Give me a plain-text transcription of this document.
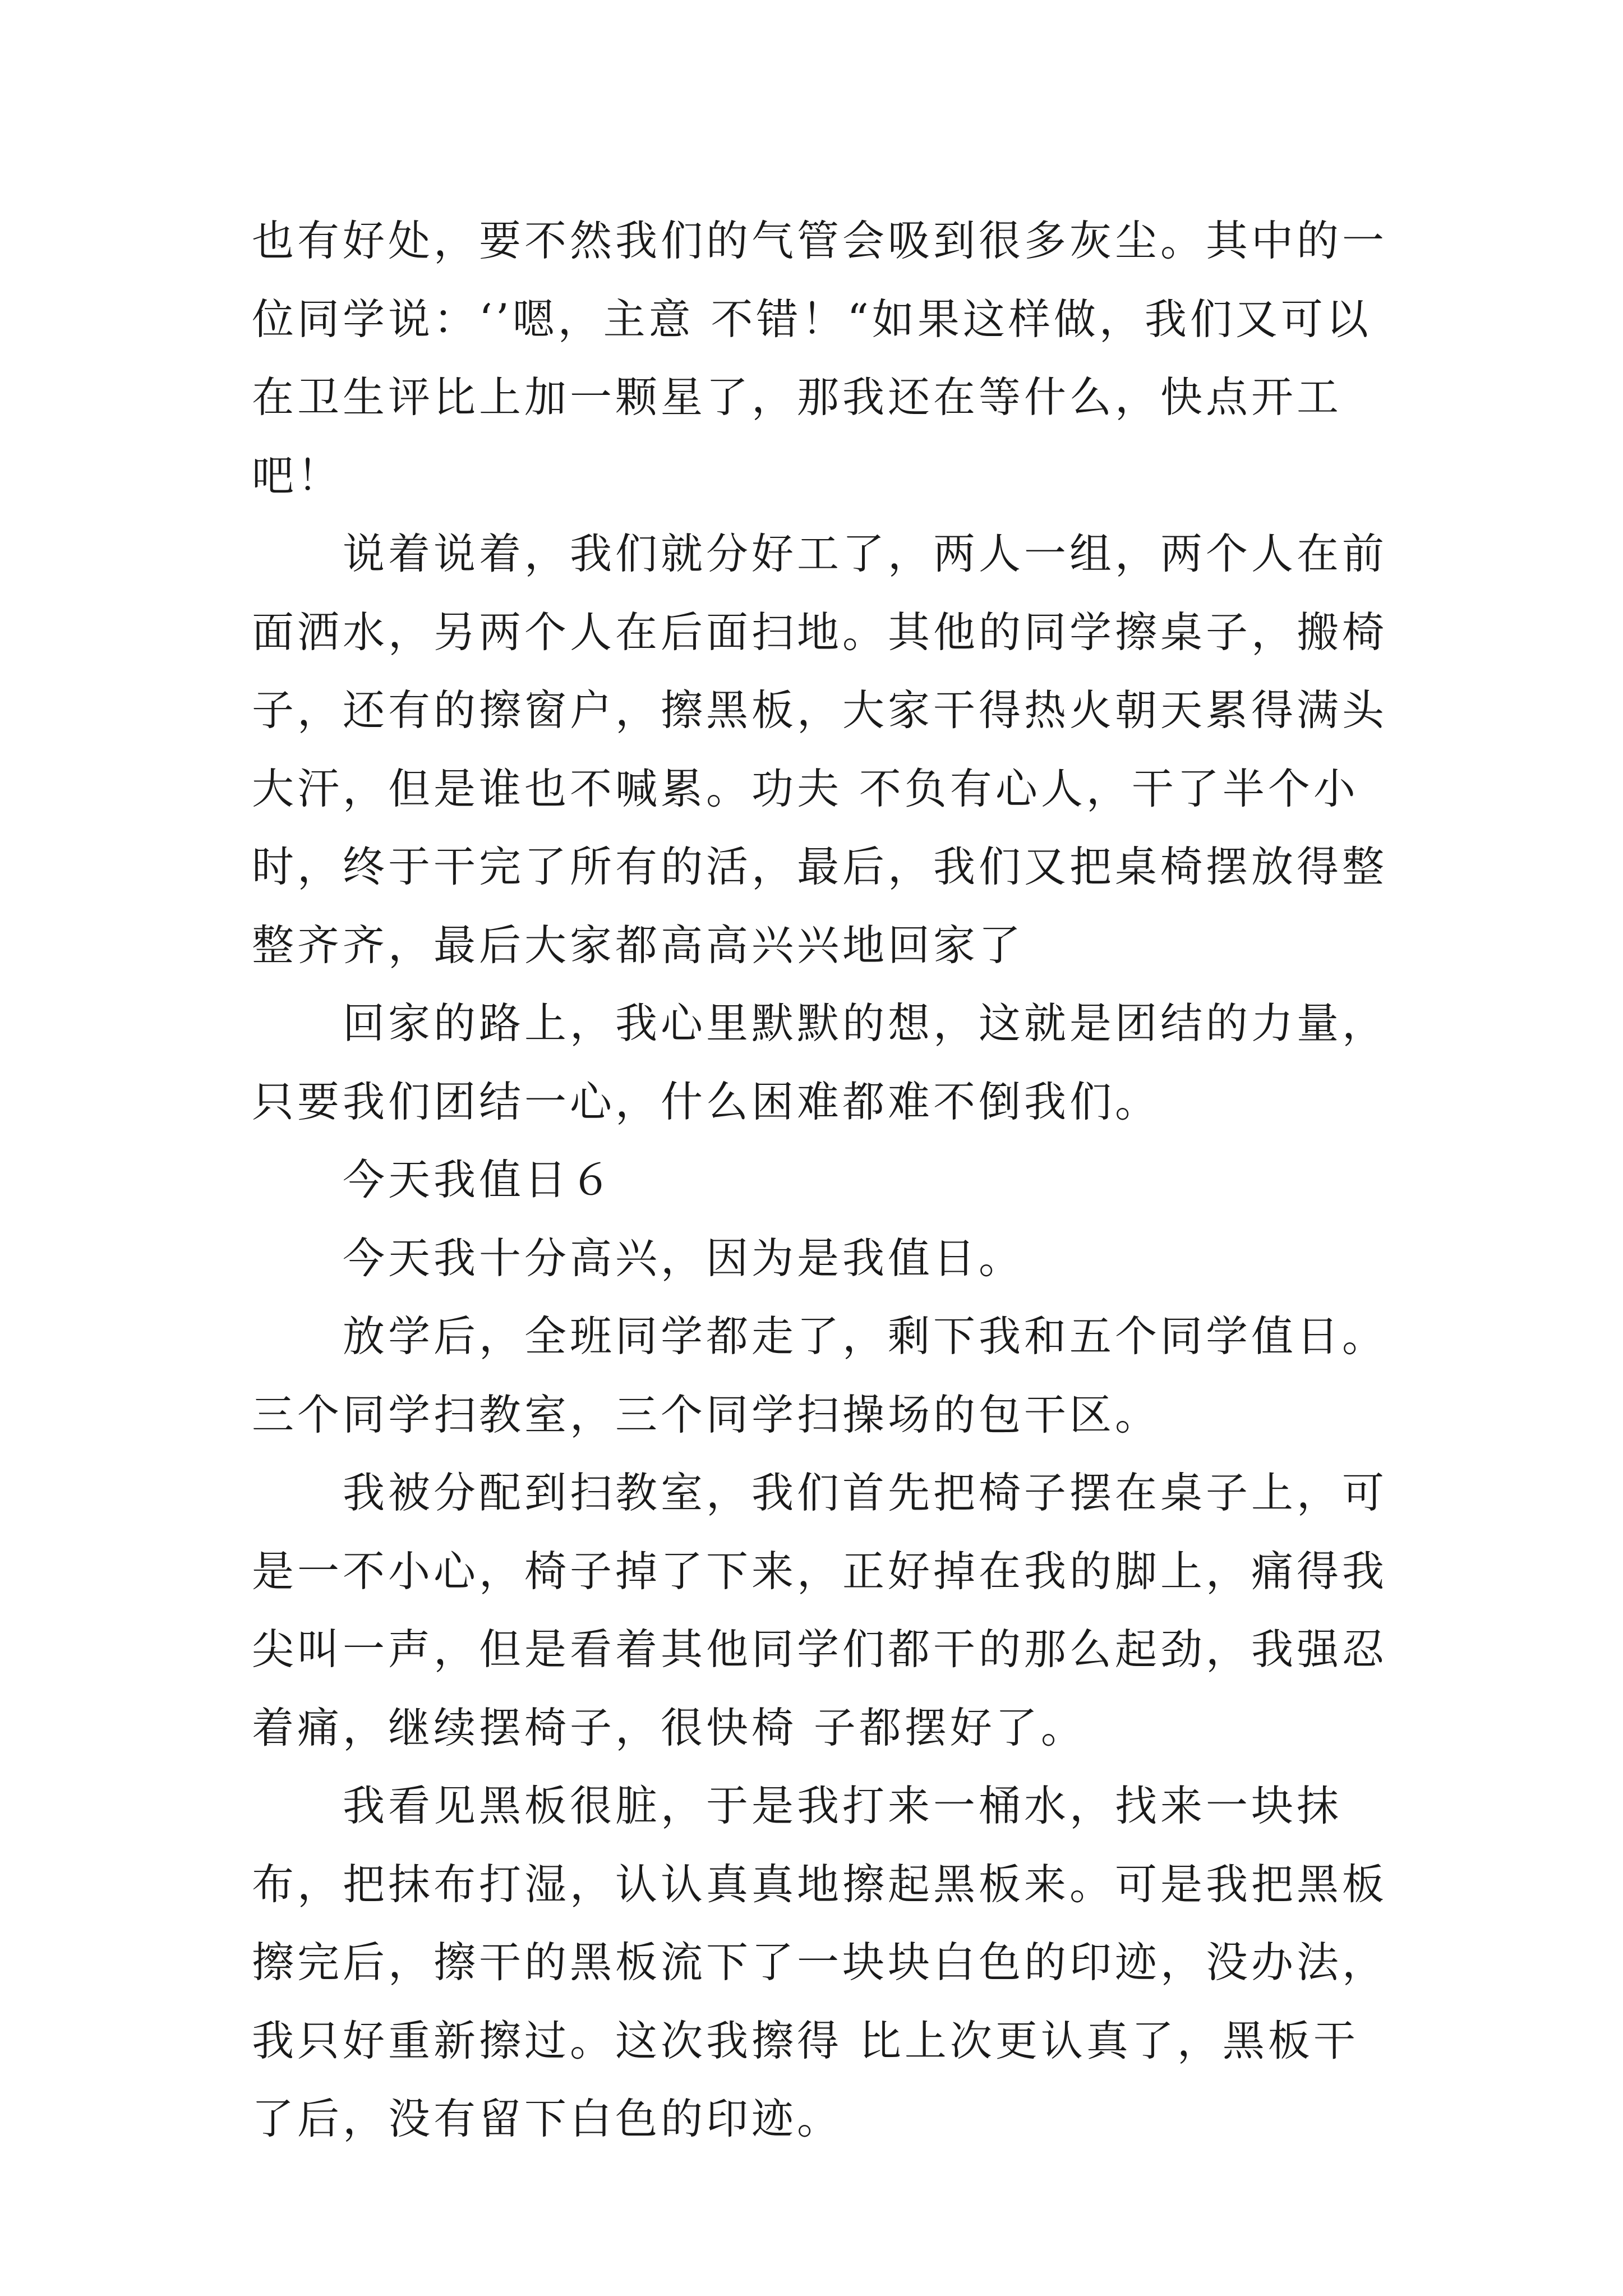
也有好处，要不然我们的气管会吸到很多灰尘。其中的一位同学说：‘’嗯，主意 不错！“如果这样做，我们又可以在卫生评比上加一颗星了，那我还在等什么，快点开工吧！

说着说着，我们就分好工了，两人一组，两个人在前面洒水，另两个人在后面扫地。其他的同学擦桌子，搬椅子，还有的擦窗户，擦黑板，大家干得热火朝天累得满头大汗，但是谁也不喊累。功夫 不负有心人，干了半个小时，终于干完了所有的活，最后，我们又把桌椅摆放得整整齐齐，最后大家都高高兴兴地回家了

回家的路上，我心里默默的想，这就是团结的力量，只要我们团结一心，什么困难都难不倒我们。

今天我值日６

今天我十分高兴，因为是我值日。

放学后，全班同学都走了，剩下我和五个同学值日。三个同学扫教室，三个同学扫操场的包干区。

我被分配到扫教室，我们首先把椅子摆在桌子上，可是一不小心，椅子掉了下来，正好掉在我的脚上，痛得我尖叫一声，但是看着其他同学们都干的那么起劲，我强忍着痛，继续摆椅子，很快椅 子都摆好了。

我看见黑板很脏，于是我打来一桶水，找来一块抹布，把抹布打湿，认认真真地擦起黑板来。可是我把黑板擦完后，擦干的黑板流下了一块块白色的印迹，没办法，我只好重新擦过。这次我擦得 比上次更认真了，黑板干了后，没有留下白色的印迹。
